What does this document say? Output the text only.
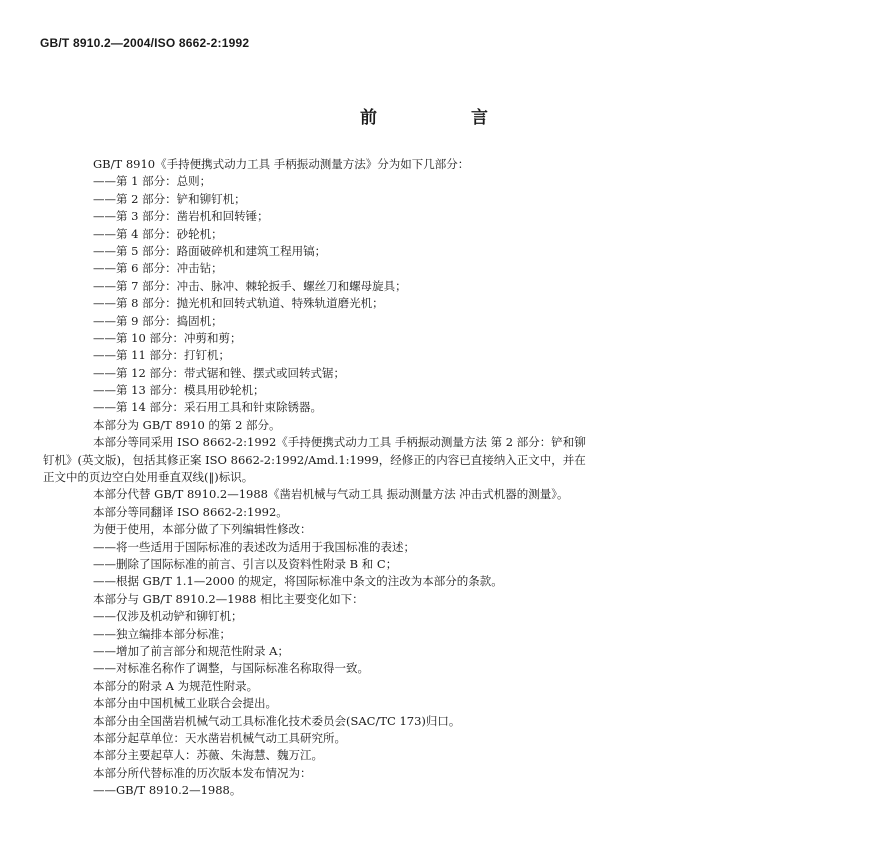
GB/T 8910.2—2004/ISO 8662-2:1992
前 言
GB/T 8910《手持便携式动力工具 手柄振动测量方法》分为如下几部分：
——第 1 部分：总则；
——第 2 部分：铲和铆钉机；
——第 3 部分：凿岩机和回转锤；
——第 4 部分：砂轮机；
——第 5 部分：路面破碎机和建筑工程用镐；
——第 6 部分：冲击钻；
——第 7 部分：冲击、脉冲、棘轮扳手、螺丝刀和螺母旋具；
——第 8 部分：抛光机和回转式轨道、特殊轨道磨光机；
——第 9 部分：捣固机；
——第 10 部分：冲剪和剪；
——第 11 部分：打钉机；
——第 12 部分：带式锯和锉、摆式或回转式锯；
——第 13 部分：模具用砂轮机；
——第 14 部分：采石用工具和针束除锈器。
本部分为 GB/T 8910 的第 2 部分。
本部分等同采用 ISO 8662-2:1992《手持便携式动力工具 手柄振动测量方法 第 2 部分：铲和铆
钉机》(英文版)，包括其修正案 ISO 8662-2:1992/Amd.1:1999，经修正的内容已直接纳入正文中，并在
正文中的页边空白处用垂直双线(‖)标识。
本部分代替 GB/T 8910.2—1988《凿岩机械与气动工具 振动测量方法 冲击式机器的测量》。
本部分等同翻译 ISO 8662-2:1992。
为便于使用，本部分做了下列编辑性修改：
——将一些适用于国际标准的表述改为适用于我国标准的表述；
——删除了国际标准的前言、引言以及资料性附录 B 和 C；
——根据 GB/T 1.1—2000 的规定，将国际标准中条文的注改为本部分的条款。
本部分与 GB/T 8910.2—1988 相比主要变化如下：
——仅涉及机动铲和铆钉机；
——独立编排本部分标准；
——增加了前言部分和规范性附录 A；
——对标准名称作了调整，与国际标准名称取得一致。
本部分的附录 A 为规范性附录。
本部分由中国机械工业联合会提出。
本部分由全国凿岩机械气动工具标准化技术委员会(SAC/TC 173)归口。
本部分起草单位：天水凿岩机械气动工具研究所。
本部分主要起草人：苏薇、朱海慧、魏万江。
本部分所代替标准的历次版本发布情况为：
——GB/T 8910.2—1988。
